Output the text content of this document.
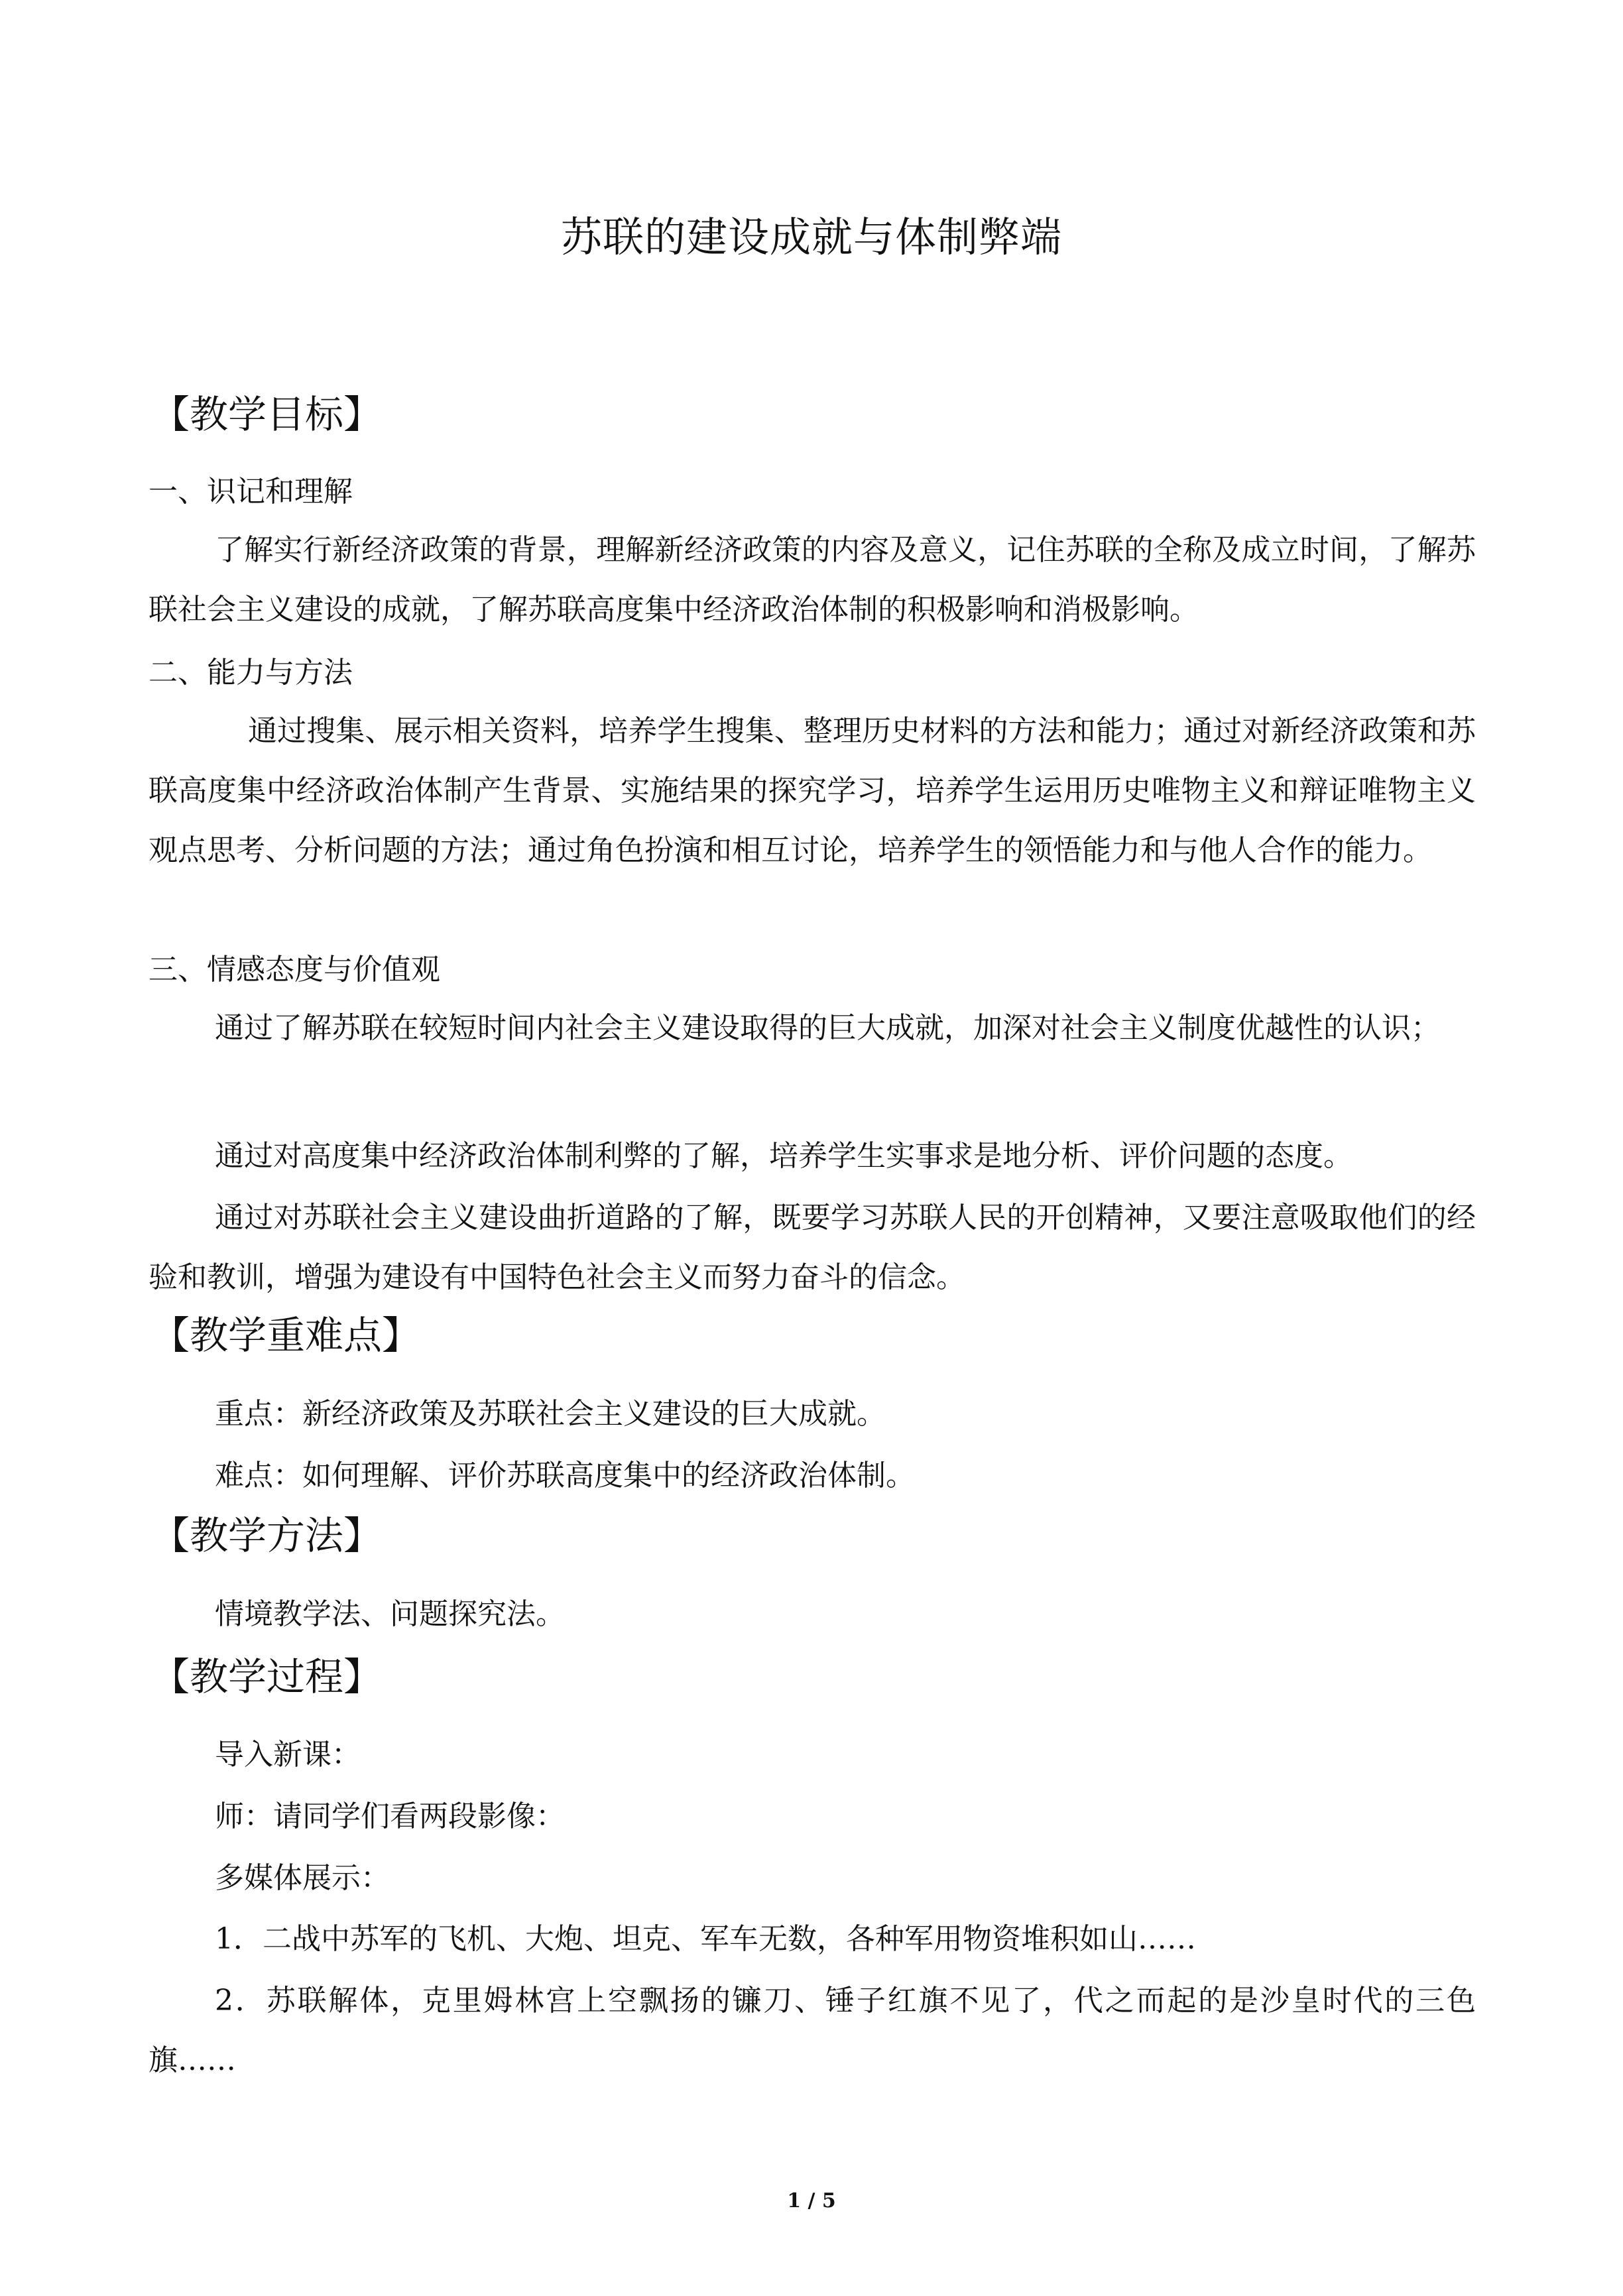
苏联的建设成就与体制弊端
【教学目标】
一、识记和理解
了解实行新经济政策的背景，理解新经济政策的内容及意义，记住苏联的全称及成立时间，了解苏联社会主义建设的成就，了解苏联高度集中经济政治体制的积极影响和消极影响。
二、能力与方法
通过搜集、展示相关资料，培养学生搜集、整理历史材料的方法和能力；通过对新经济政策和苏联高度集中经济政治体制产生背景、实施结果的探究学习，培养学生运用历史唯物主义和辩证唯物主义观点思考、分析问题的方法；通过角色扮演和相互讨论，培养学生的领悟能力和与他人合作的能力。
三、情感态度与价值观
通过了解苏联在较短时间内社会主义建设取得的巨大成就，加深对社会主义制度优越性的认识；
通过对高度集中经济政治体制利弊的了解，培养学生实事求是地分析、评价问题的态度。
通过对苏联社会主义建设曲折道路的了解，既要学习苏联人民的开创精神，又要注意吸取他们的经验和教训，增强为建设有中国特色社会主义而努力奋斗的信念。
【教学重难点】
重点：新经济政策及苏联社会主义建设的巨大成就。
难点：如何理解、评价苏联高度集中的经济政治体制。
【教学方法】
情境教学法、问题探究法。
【教学过程】
导入新课：
师：请同学们看两段影像：
多媒体展示：
1．二战中苏军的飞机、大炮、坦克、军车无数，各种军用物资堆积如山……
2．苏联解体，克里姆林宫上空飘扬的镰刀、锤子红旗不见了，代之而起的是沙皇时代的三色旗……
1 / 5
